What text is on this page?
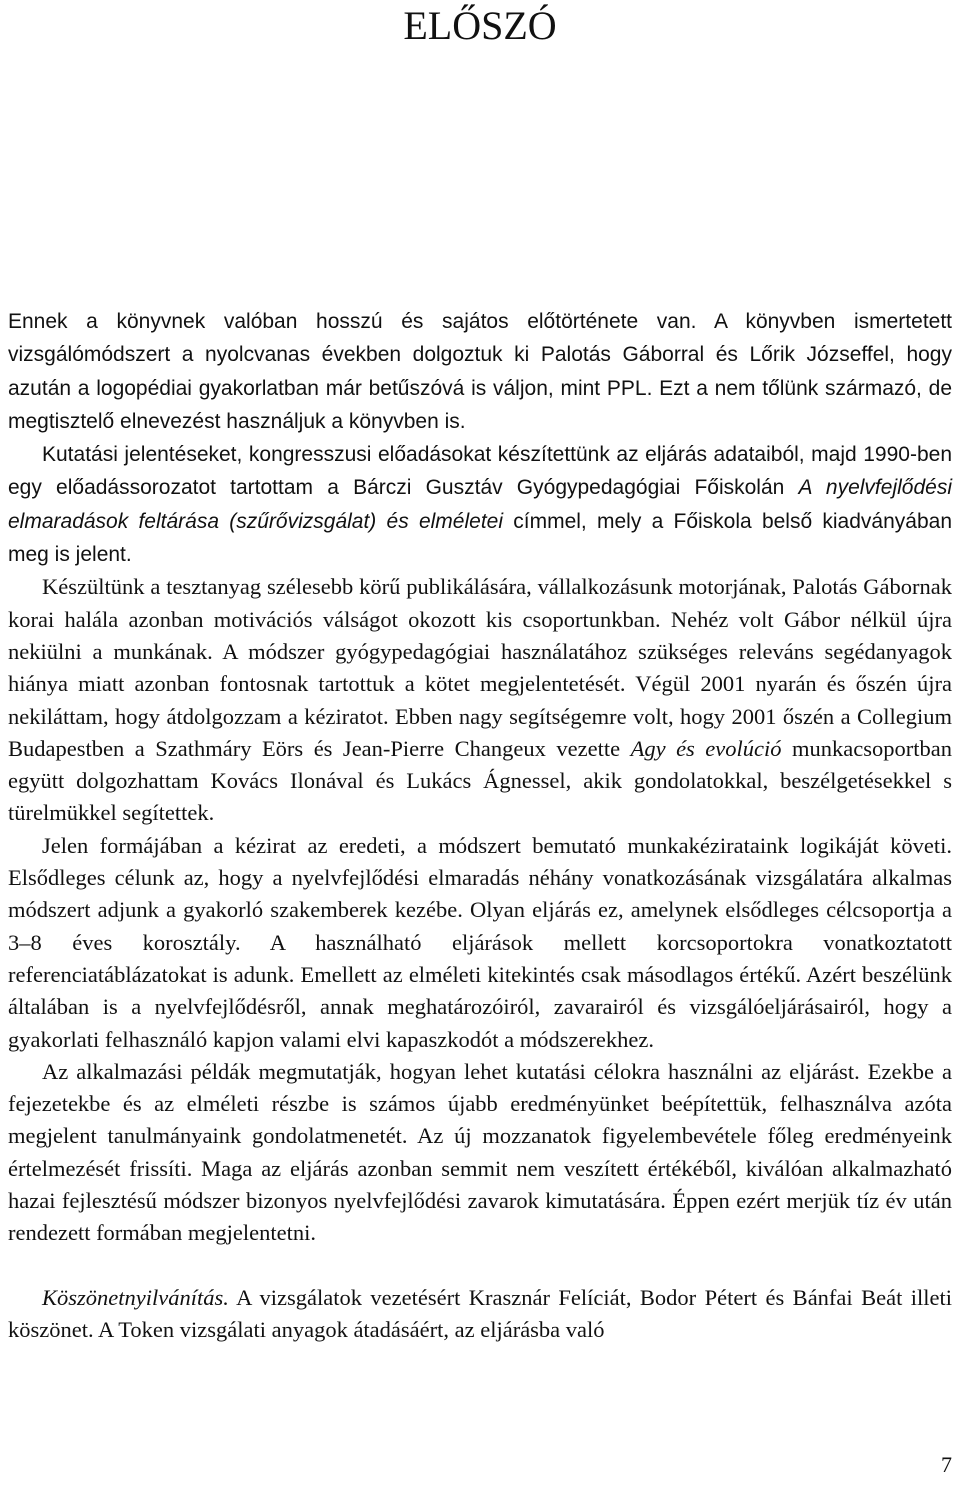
ELŐSZÓ

Ennek a könyvnek valóban hosszú és sajátos előtörténete van. A könyvben ismertetett vizsgálómódszert a nyolcvanas években dolgoztuk ki Palotás Gáborral és Lőrik Józseffel, hogy azután a logopédiai gyakorlatban már betűszóvá is váljon, mint PPL. Ezt a nem tőlünk származó, de megtisztelő elnevezést használjuk a könyvben is.

Kutatási jelentéseket, kongresszusi előadásokat készítettünk az eljárás adataiból, majd 1990-ben egy előadássorozatot tartottam a Bárczi Gusztáv Gyógypedagógiai Főiskolán A nyelvfejlődési elmaradások feltárása (szűrővizsgálat) és elméletei címmel, mely a Főiskola belső kiadványában meg is jelent.

Készültünk a tesztanyag szélesebb körű publikálására, vállalkozásunk motorjának, Palotás Gábornak korai halála azonban motivációs válságot okozott kis csoportunkban. Nehéz volt Gábor nélkül újra nekiülni a munkának. A módszer gyógypedagógiai használatához szükséges releváns segédanyagok hiánya miatt azonban fontosnak tartottuk a kötet megjelentetését. Végül 2001 nyarán és őszén újra nekiláttam, hogy átdolgozzam a kéziratot. Ebben nagy segítségemre volt, hogy 2001 őszén a Collegium Budapestben a Szathmáry Eörs és Jean-Pierre Changeux vezette Agy és evolúció munkacsoportban együtt dolgozhattam Kovács Ilonával és Lukács Ágnessel, akik gondolatokkal, beszélgetésekkel s türelmükkel segítettek.

Jelen formájában a kézirat az eredeti, a módszert bemutató munkakézirataink logikáját követi. Elsődleges célunk az, hogy a nyelvfejlődési elmaradás néhány vonatkozásának vizsgálatára alkalmas módszert adjunk a gyakorló szakemberek kezébe. Olyan eljárás ez, amelynek elsődleges célcsoportja a 3–8 éves korosztály. A használható eljárások mellett korcsoportokra vonatkoztatott referenciatáblázatokat is adunk. Emellett az elméleti kitekintés csak másodlagos értékű. Azért beszélünk általában is a nyelvfejlődésről, annak meghatározóiról, zavarairól és vizsgálóeljárásairól, hogy a gyakorlati felhasználó kapjon valami elvi kapaszkodót a módszerekhez.

Az alkalmazási példák megmutatják, hogyan lehet kutatási célokra használni az eljárást. Ezekbe a fejezetekbe és az elméleti részbe is számos újabb eredményünket beépítettük, felhasználva azóta megjelent tanulmányaink gondolatmenetét. Az új mozzanatok figyelembevétele főleg eredményeink értelmezését frissíti. Maga az eljárás azonban semmit nem veszített értékéből, kiválóan alkalmazható hazai fejlesztésű módszer bizonyos nyelvfejlődési zavarok kimutatására. Éppen ezért merjük tíz év után rendezett formában megjelentetni.

Köszönetnyilvánítás. A vizsgálatok vezetésért Krasznár Felíciát, Bodor Pétert és Bánfai Beát illeti köszönet. A Token vizsgálati anyagok átadásáért, az eljárásba való

7
